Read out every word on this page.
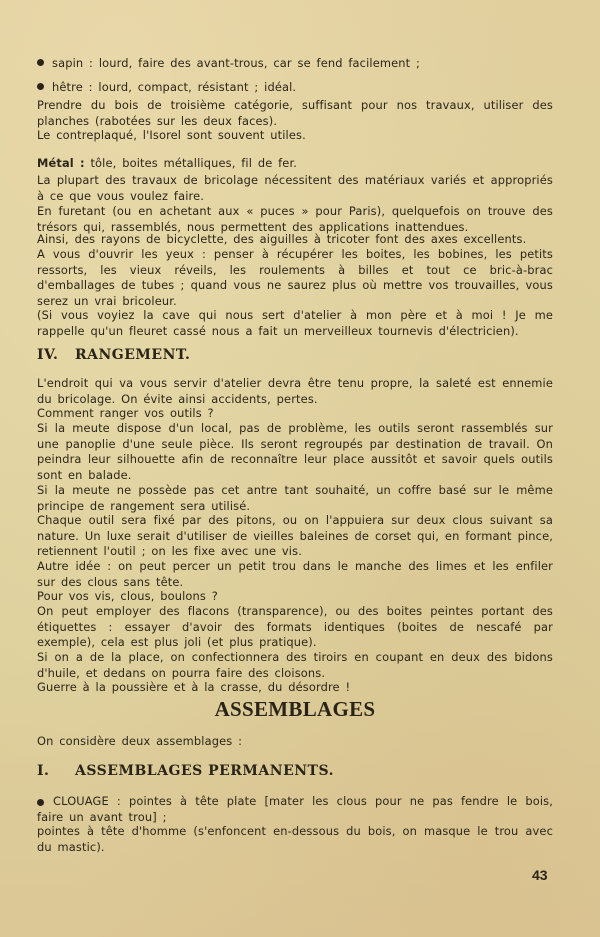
sapin : lourd, faire des avant-trous, car se fend facilement ;

hêtre : lourd, compact, résistant ; idéal.

Prendre du bois de troisième catégorie, suffisant pour nos travaux, utiliser des planches (rabotées sur les deux faces).

Le contreplaqué, l'Isorel sont souvent utiles.

Métal : tôle, boites métalliques, fil de fer.

La plupart des travaux de bricolage nécessitent des matériaux variés et appropriés à ce que vous voulez faire.

En furetant (ou en achetant aux « puces » pour Paris), quelquefois on trouve des trésors qui, rassemblés, nous permettent des applications inattendues.

Ainsi, des rayons de bicyclette, des aiguilles à tricoter font des axes excellents.

A vous d'ouvrir les yeux : penser à récupérer les boites, les bobines, les petits ressorts, les vieux réveils, les roulements à billes et tout ce bric-à-brac d'emballages de tubes ; quand vous ne saurez plus où mettre vos trouvailles, vous serez un vrai bricoleur.

(Si vous voyiez la cave qui nous sert d'atelier à mon père et à moi ! Je me rappelle qu'un fleuret cassé nous a fait un merveilleux tournevis d'électricien).

IV. RANGEMENT.

L'endroit qui va vous servir d'atelier devra être tenu propre, la saleté est ennemie du bricolage. On évite ainsi accidents, pertes.

Comment ranger vos outils ?

Si la meute dispose d'un local, pas de problème, les outils seront rassemblés sur une panoplie d'une seule pièce. Ils seront regroupés par destination de travail. On peindra leur silhouette afin de reconnaître leur place aussitôt et savoir quels outils sont en balade.

Si la meute ne possède pas cet antre tant souhaité, un coffre basé sur le même principe de rangement sera utilisé.

Chaque outil sera fixé par des pitons, ou on l'appuiera sur deux clous suivant sa nature. Un luxe serait d'utiliser de vieilles baleines de corset qui, en formant pince, retiennent l'outil ; on les fixe avec une vis.

Autre idée : on peut percer un petit trou dans le manche des limes et les enfiler sur des clous sans tête.

Pour vos vis, clous, boulons ?

On peut employer des flacons (transparence), ou des boites peintes portant des étiquettes : essayer d'avoir des formats identiques (boites de nescafé par exemple), cela est plus joli (et plus pratique).

Si on a de la place, on confectionnera des tiroirs en coupant en deux des bidons d'huile, et dedans on pourra faire des cloisons.

Guerre à la poussière et à la crasse, du désordre !

ASSEMBLAGES

On considère deux assemblages :

I. ASSEMBLAGES PERMANENTS.

CLOUAGE : pointes à tête plate [mater les clous pour ne pas fendre le bois, faire un avant trou] ;

pointes à tête d'homme (s'enfoncent en-dessous du bois, on masque le trou avec du mastic).

43
